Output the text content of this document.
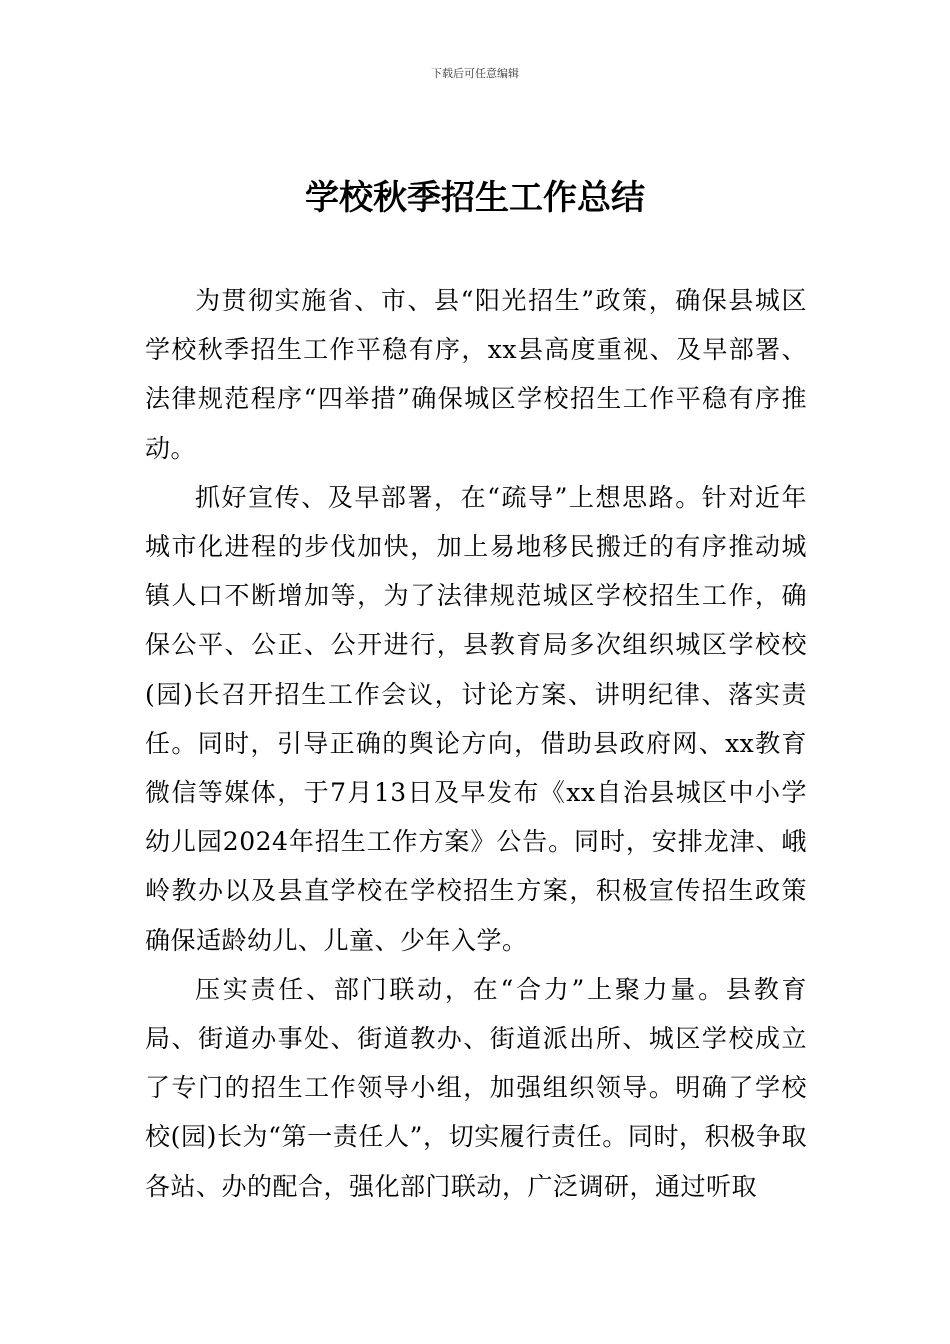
下载后可任意编辑
学校秋季招生工作总结

为贯彻实施省、市、县“阳光招生”政策，确保县城区学校秋季招生工作平稳有序，xx县高度重视、及早部署、法律规范程序“四举措”确保城区学校招生工作平稳有序推动。

抓好宣传、及早部署，在“疏导”上想思路。针对近年城市化进程的步伐加快，加上易地移民搬迁的有序推动城镇人口不断增加等，为了法律规范城区学校招生工作，确保公平、公正、公开进行，县教育局多次组织城区学校校(园)长召开招生工作会议，讨论方案、讲明纪律、落实责任。同时，引导正确的舆论方向，借助县政府网、xx教育微信等媒体，于7月13日及早发布《xx自治县城区中小学幼儿园2024年招生工作方案》公告。同时，安排龙津、峨岭教办以及县直学校在学校招生方案，积极宣传招生政策确保适龄幼儿、儿童、少年入学。

压实责任、部门联动，在“合力”上聚力量。县教育局、街道办事处、街道教办、街道派出所、城区学校成立了专门的招生工作领导小组，加强组织领导。明确了学校校(园)长为“第一责任人”，切实履行责任。同时，积极争取各站、办的配合，强化部门联动，广泛调研，通过听取
